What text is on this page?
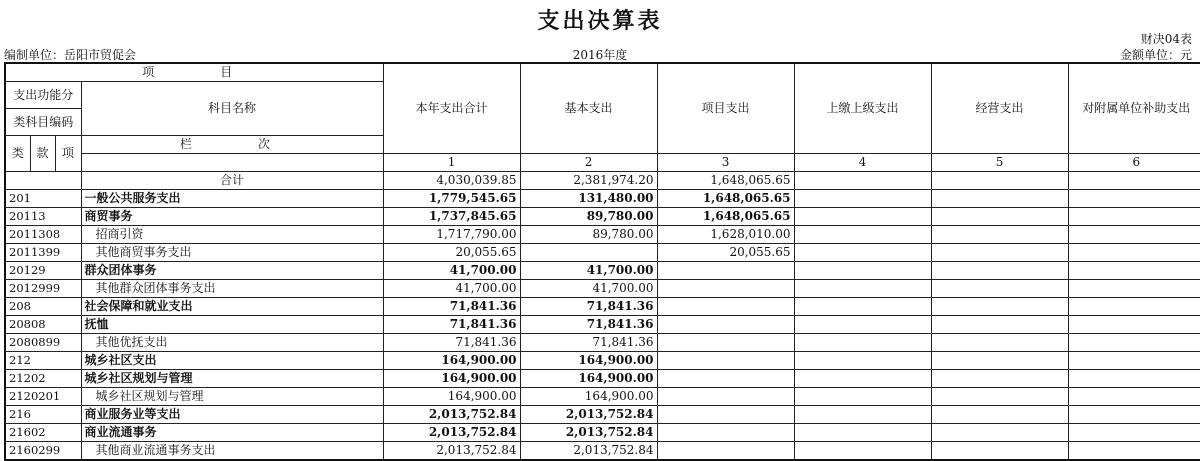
支出决算表
财决04表
编制单位：岳阳市贸促会	2016年度	金额单位：元
项　　目				本年支出合计	基本支出	项目支出	上缴上级支出	经营支出	对附属单位补助支出
支出功能分			科目名称						
类科目编码									
类	款	项	栏　　次						
				1	2	3	4	5	6
			合计	4,030,039.85	2,381,974.20	1,648,065.65			
201			一般公共服务支出	1,779,545.65	131,480.00	1,648,065.65			
20113			商贸事务	1,737,845.65	89,780.00	1,648,065.65			
2011308			招商引资	1,717,790.00	89,780.00	1,628,010.00			
2011399			其他商贸事务支出	20,055.65		20,055.65			
20129			群众团体事务	41,700.00	41,700.00				
2012999			其他群众团体事务支出	41,700.00	41,700.00				
208			社会保障和就业支出	71,841.36	71,841.36				
20808			抚恤	71,841.36	71,841.36				
2080899			其他优抚支出	71,841.36	71,841.36				
212			城乡社区支出	164,900.00	164,900.00				
21202			城乡社区规划与管理	164,900.00	164,900.00				
2120201			城乡社区规划与管理	164,900.00	164,900.00				
216			商业服务业等支出	2,013,752.84	2,013,752.84				
21602			商业流通事务	2,013,752.84	2,013,752.84				
2160299			其他商业流通事务支出	2,013,752.84	2,013,752.84				
